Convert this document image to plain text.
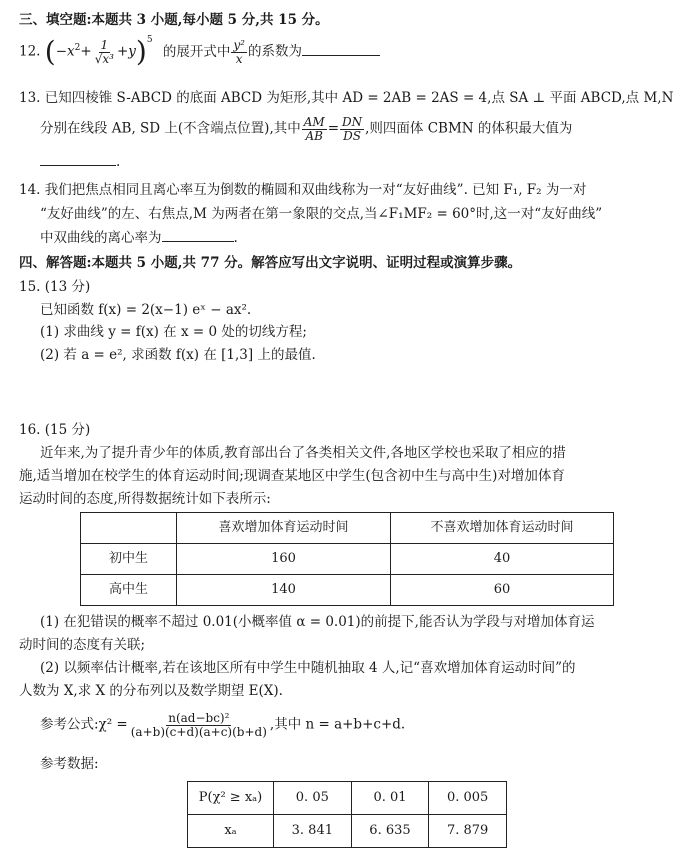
三、填空题:本题共 3 小题,每小题 5 分,共 15 分。
12. $(-x^2+ \frac{1}{\text{√x³}} +y)^5$ 的展开式中 $\frac{\text{y²}}{x}$ 的系数为
13. 已知四棱锥 S-ABCD 的底面 ABCD 为矩形,其中 AD = 2AB = 2AS = 4,点 SA ⊥ 平面 ABCD,点 M,N
分别在线段 AB, SD 上(不含端点位置),其中 $\frac{AM}{AB} = \frac{DN}{DS}$ ,则四面体 CBMN 的体积最大值为
.
14. 我们把焦点相同且离心率互为倒数的椭圆和双曲线称为一对“友好曲线”. 已知 F₁, F₂ 为一对
“友好曲线”的左、右焦点,M 为两者在第一象限的交点,当∠F₁MF₂ = 60°时,这一对“友好曲线”
中双曲线的离心率为	.
四、解答题:本题共 5 小题,共 77 分。解答应写出文字说明、证明过程或演算步骤。
15. (13 分)
已知函数 f(x) = 2(x−1) eˣ − ax².
(1) 求曲线 y = f(x) 在 x = 0 处的切线方程;
(2) 若 a = e², 求函数 f(x) 在 [1,3] 上的最值.
16. (15 分)
近年来,为了提升青少年的体质,教育部出台了各类相关文件,各地区学校也采取了相应的措
施,适当增加在校学生的体育运动时间;现调查某地区中学生(包含初中生与高中生)对增加体育
运动时间的态度,所得数据统计如下表所示:
	喜欢增加体育运动时间	不喜欢增加体育运动时间
初中生	160	40
高中生	140	60
(1) 在犯错误的概率不超过 0.01(小概率值 α = 0.01)的前提下,能否认为学段与对增加体育运
动时间的态度有关联;
(2) 以频率估计概率,若在该地区所有中学生中随机抽取 4 人,记“喜欢增加体育运动时间”的
人数为 X,求 X 的分布列以及数学期望 E(X).
参考公式:χ² = $\frac{\text{n(ad−bc)²}}{(a+b)(c+d)(a+c)(b+d)}$ ,其中 n = a+b+c+d.
参考数据:
P(χ² ≥ xₐ)	0. 05	0. 01	0. 005
xₐ	3. 841	6. 635	7. 879
